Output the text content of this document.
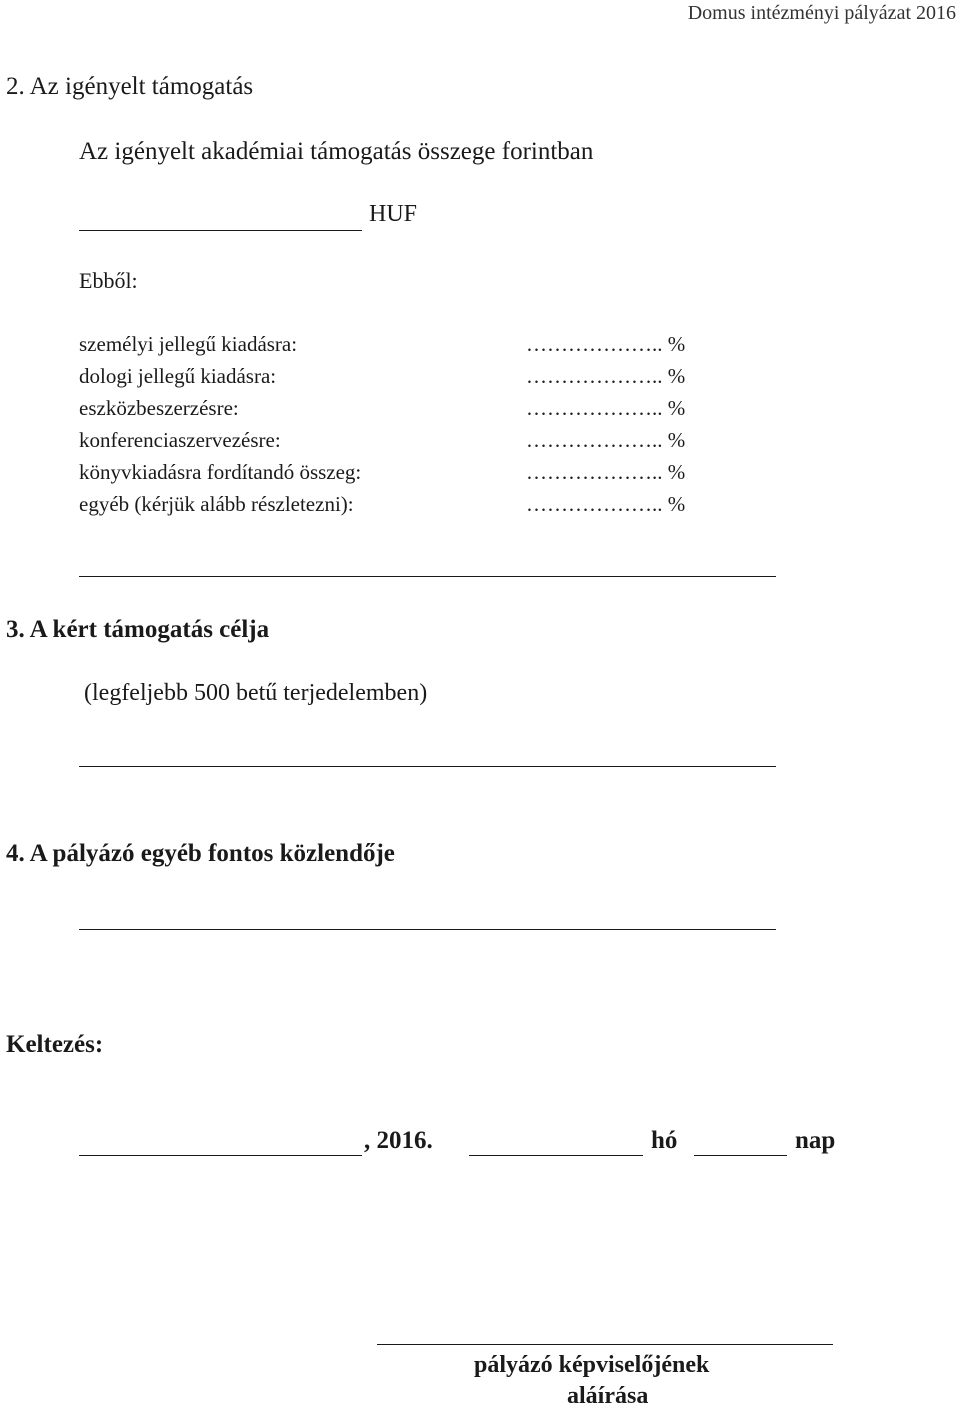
Domus intézményi pályázat 2016
2. Az igényelt támogatás
Az igényelt akadémiai támogatás összege forintban
HUF
Ebből:
személyi jellegű kiadásra:	……………….. %
dologi jellegű kiadásra:	……………….. %
eszközbeszerzésre:	……………….. %
konferenciaszervezésre:	……………….. %
könyvkiadásra fordítandó összeg:	……………….. %
egyéb (kérjük alább részletezni):	……………….. %
3. A kért támogatás célja
(legfeljebb 500 betű terjedelemben)
4. A pályázó egyéb fontos közlendője
Keltezés:
, 2016.	hó	nap
pályázó képviselőjének
aláírása
